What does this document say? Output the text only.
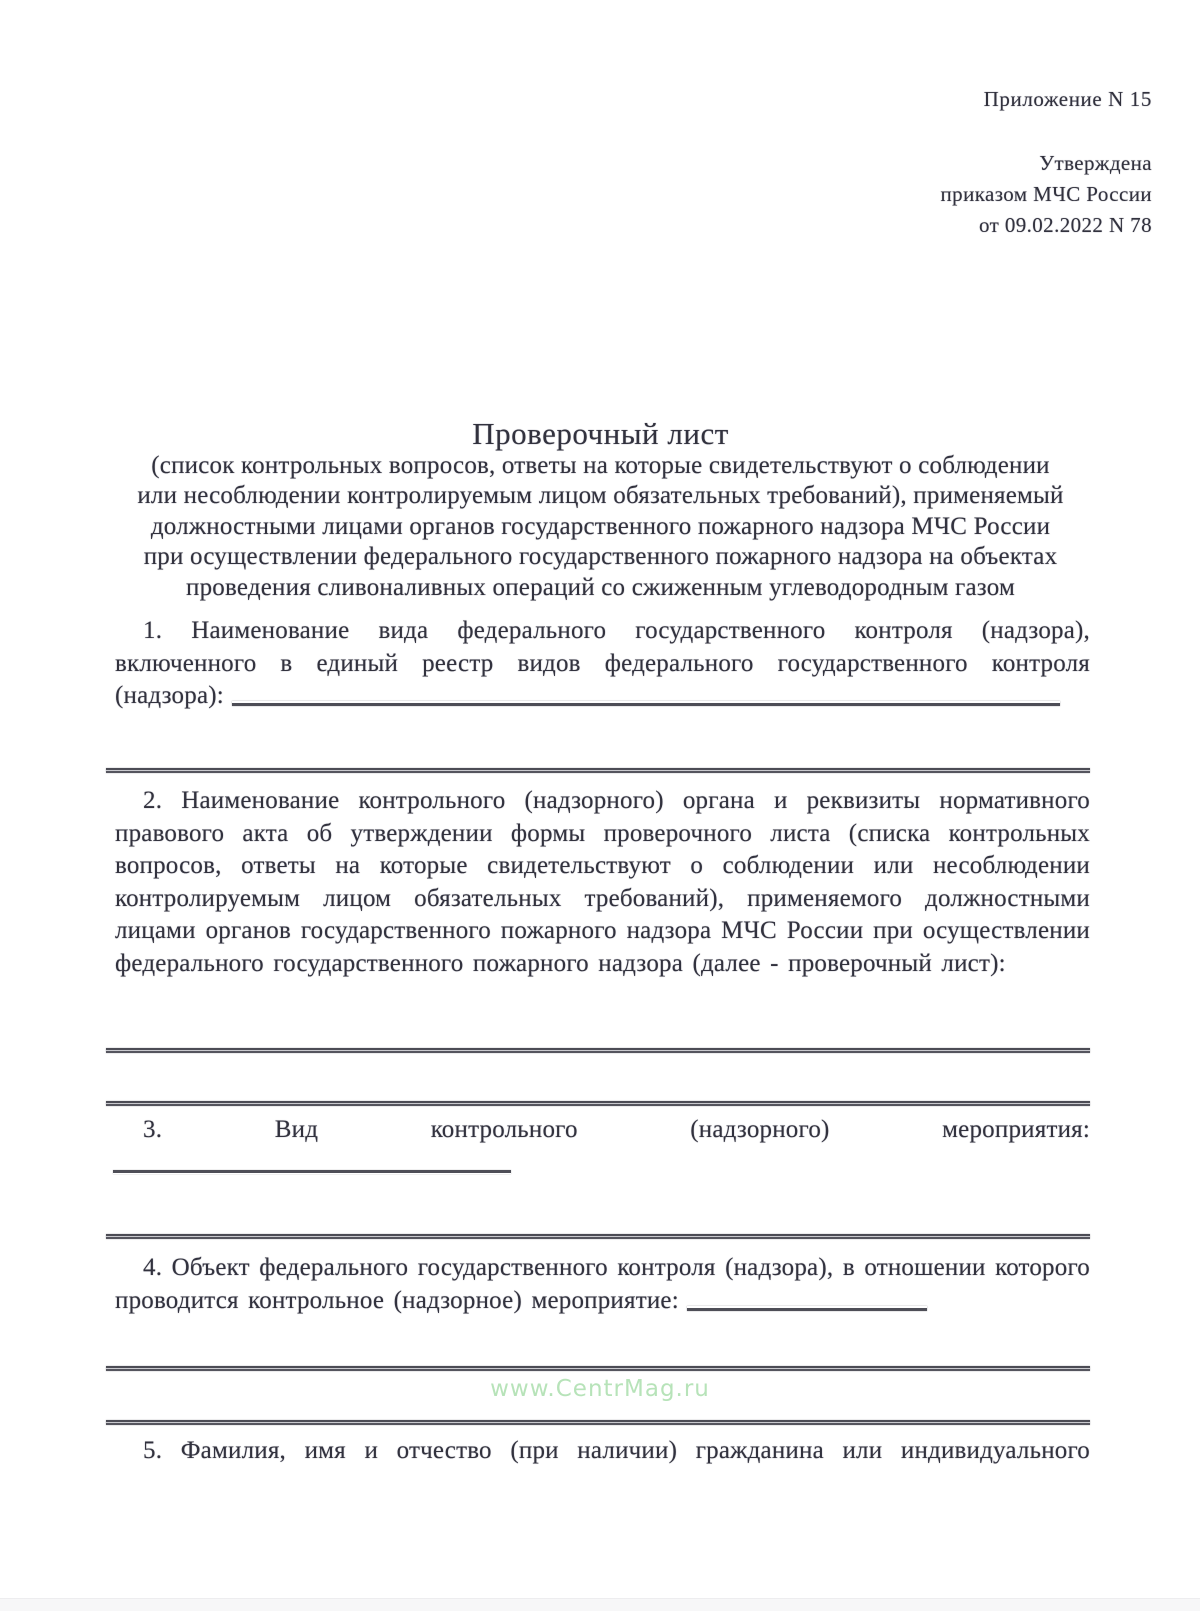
Приложение N 15
Утверждена
приказом МЧС России
от 09.02.2022 N 78
Проверочный лист
(список контрольных вопросов, ответы на которые свидетельствуют о соблюдении
или несоблюдении контролируемым лицом обязательных требований), применяемый
должностными лицами органов государственного пожарного надзора МЧС России
при осуществлении федерального государственного пожарного надзора на объектах
проведения сливоналивных операций со сжиженным углеводородным газом
1. Наименование вида федерального государственного контроля (надзора), включенного в единый реестр видов федерального государственного контроля (надзора):
2. Наименование контрольного (надзорного) органа и реквизиты нормативного правового акта об утверждении формы проверочного листа (списка контрольных вопросов, ответы на которые свидетельствуют о соблюдении или несоблюдении контролируемым лицом обязательных требований), применяемого должностными лицами органов государственного пожарного надзора МЧС России при осуществлении федерального государственного пожарного надзора (далее - проверочный лист):
3. Вид контрольного (надзорного) мероприятия:
4. Объект федерального государственного контроля (надзора), в отношении которого проводится контрольное (надзорное) мероприятие:
www.CentrMag.ru
5. Фамилия, имя и отчество (при наличии) гражданина или индивидуального
